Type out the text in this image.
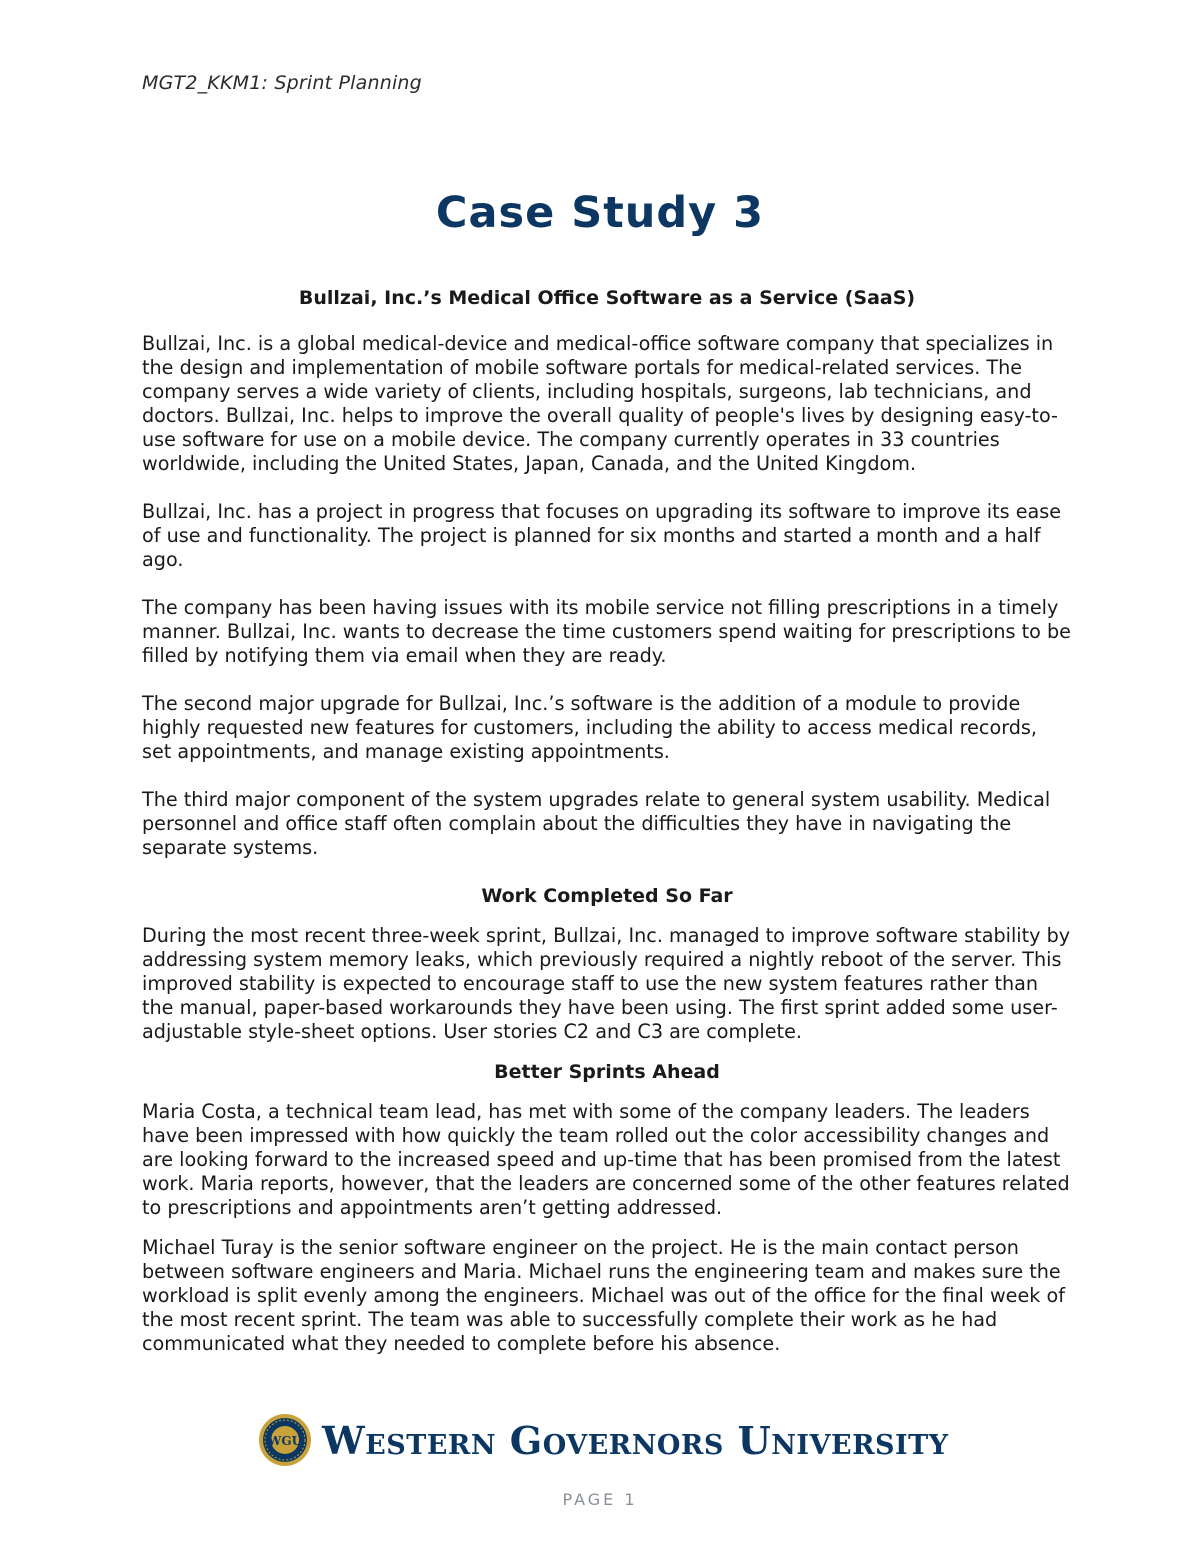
MGT2_KKM1: Sprint Planning
Case Study 3

Bullzai, Inc.’s Medical Office Software as a Service (SaaS)

Bullzai, Inc. is a global medical-device and medical-office software company that specializes in the design and implementation of mobile software portals for medical-related services. The company serves a wide variety of clients, including hospitals, surgeons, lab technicians, and doctors. Bullzai, Inc. helps to improve the overall quality of people's lives by designing easy-to-use software for use on a mobile device. The company currently operates in 33 countries worldwide, including the United States, Japan, Canada, and the United Kingdom.

Bullzai, Inc. has a project in progress that focuses on upgrading its software to improve its ease of use and functionality. The project is planned for six months and started a month and a half ago.

The company has been having issues with its mobile service not filling prescriptions in a timely manner. Bullzai, Inc. wants to decrease the time customers spend waiting for prescriptions to be filled by notifying them via email when they are ready.

The second major upgrade for Bullzai, Inc.’s software is the addition of a module to provide highly requested new features for customers, including the ability to access medical records, set appointments, and manage existing appointments.

The third major component of the system upgrades relate to general system usability. Medical personnel and office staff often complain about the difficulties they have in navigating the separate systems.

Work Completed So Far

During the most recent three-week sprint, Bullzai, Inc. managed to improve software stability by addressing system memory leaks, which previously required a nightly reboot of the server. This improved stability is expected to encourage staff to use the new system features rather than the manual, paper-based workarounds they have been using. The first sprint added some user-adjustable style-sheet options. User stories C2 and C3 are complete.

Better Sprints Ahead

Maria Costa, a technical team lead, has met with some of the company leaders. The leaders have been impressed with how quickly the team rolled out the color accessibility changes and are looking forward to the increased speed and up-time that has been promised from the latest work. Maria reports, however, that the leaders are concerned some of the other features related to prescriptions and appointments aren’t getting addressed.

Michael Turay is the senior software engineer on the project. He is the main contact person between software engineers and Maria. Michael runs the engineering team and makes sure the workload is split evenly among the engineers. Michael was out of the office for the final week of the most recent sprint. The team was able to successfully complete their work as he had communicated what they needed to complete before his absence.

WGU Western Governors University
PAGE 1
